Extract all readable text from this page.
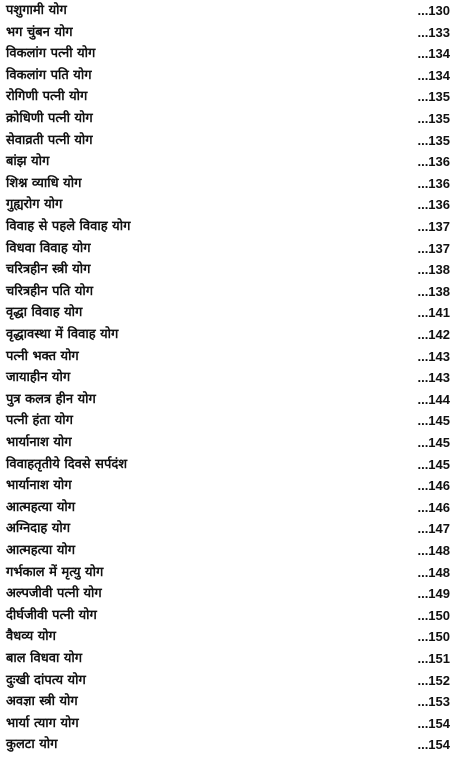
पशुगामी योग	...130
भग चुंबन योग	...133
विकलांग पत्नी योग	...134
विकलांग पति योग	...134
रोगिणी पत्नी योग	...135
क्रोधिणी पत्नी योग	...135
सेवाव्रती पत्नी योग	...135
बांझ योग	...136
शिश्न व्याधि योग	...136
गुह्यरोग योग	...136
विवाह से पहले विवाह योग	...137
विधवा विवाह योग	...137
चरित्रहीन स्त्री योग	...138
चरित्रहीन पति योग	...138
वृद्धा विवाह योग	...141
वृद्धावस्था में विवाह योग	...142
पत्नी भक्त योग	...143
जायाहीन योग	...143
पुत्र कलत्र हीन योग	...144
पत्नी हंता योग	...145
भार्यानाश योग	...145
विवाहतृतीये दिवसे सर्पदंश	...145
भार्यानाश योग	...146
आत्महत्या योग	...146
अग्निदाह योग	...147
आत्महत्या योग	...148
गर्भकाल में मृत्यु योग	...148
अल्पजीवी पत्नी योग	...149
दीर्घजीवी पत्नी योग	...150
वैधव्य योग	...150
बाल विधवा योग	...151
दुःखी दांपत्य योग	...152
अवज्ञा स्त्री योग	...153
भार्या त्याग योग	...154
कुलटा योग	...154
